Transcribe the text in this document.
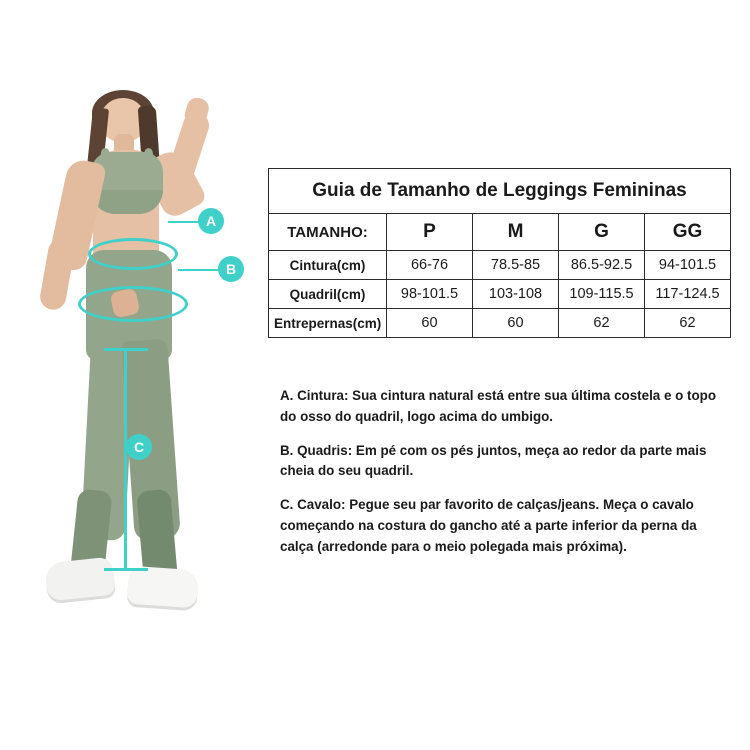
A
B
C
Guia de Tamanho de Leggings Femininas				
TAMANHO:	P	M	G	GG
Cintura(cm)	66-76	78.5-85	86.5-92.5	94-101.5
Quadril(cm)	98-101.5	103-108	109-115.5	117-124.5
Entrepernas(cm)	60	60	62	62
A. Cintura: Sua cintura natural está entre sua última costela e o topo do osso do quadril, logo acima do umbigo.
B. Quadris: Em pé com os pés juntos, meça ao redor da parte mais cheia do seu quadril.
C. Cavalo: Pegue seu par favorito de calças/jeans. Meça o cavalo começando na costura do gancho até a parte inferior da perna da calça (arredonde para o meio polegada mais próxima).
